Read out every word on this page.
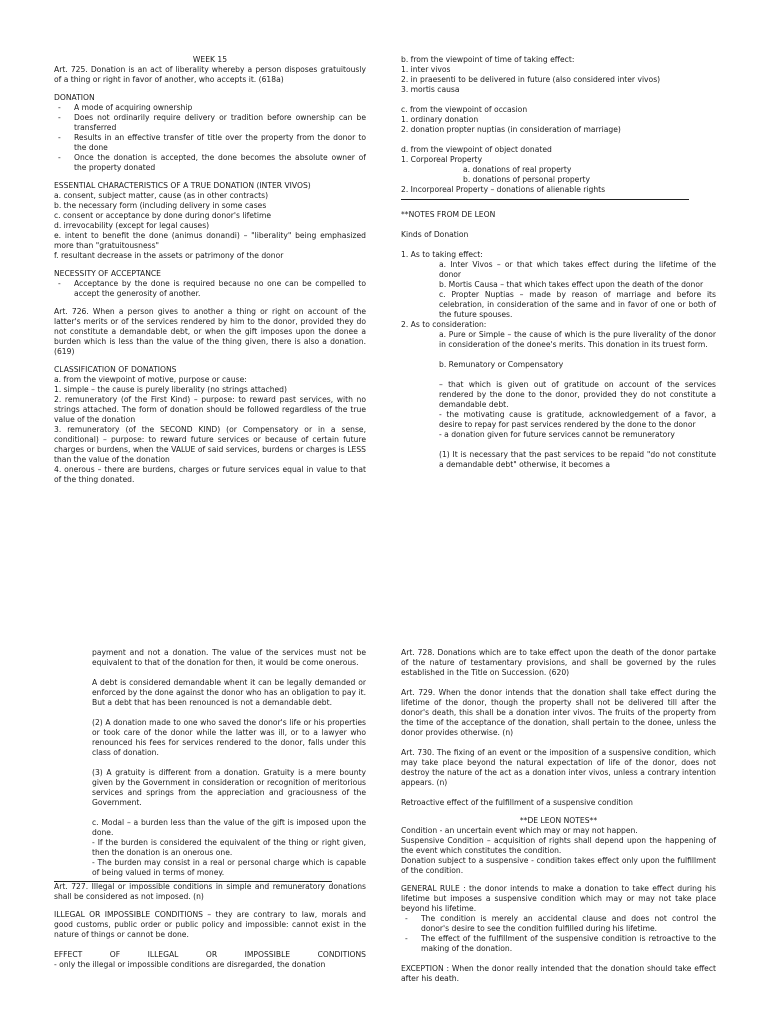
WEEK 15

Art. 725. Donation is an act of liberality whereby a person disposes gratuitously of a thing or right in favor of another, who accepts it. (618a)

DONATION

- A mode of acquiring ownership
- Does not ordinarily require delivery or tradition before ownership can be transferred
- Results in an effective transfer of title over the property from the donor to the done
- Once the donation is accepted, the done becomes the absolute owner of the property donated

ESSENTIAL CHARACTERISTICS OF A TRUE DONATION (INTER VIVOS)

a. consent, subject matter, cause (as in other contracts)

b. the necessary form (including delivery in some cases

c. consent or acceptance by done during donor's lifetime

d. irrevocability (except for legal causes)

e. intent to benefit the done (animus donandi) – "liberality" being emphasized more than "gratuitousness"

f. resultant decrease in the assets or patrimony of the donor

NECESSITY OF ACCEPTANCE

- Acceptance by the done is required because no one can be compelled to accept the generosity of another.

Art. 726. When a person gives to another a thing or right on account of the latter's merits or of the services rendered by him to the donor, provided they do not constitute a demandable debt, or when the gift imposes upon the donee a burden which is less than the value of the thing given, there is also a donation. (619)

CLASSIFICATION OF DONATIONS

a. from the viewpoint of motive, purpose or cause:

1. simple – the cause is purely liberality (no strings attached)

2. remuneratory (of the First Kind) – purpose: to reward past services, with no strings attached. The form of donation should be followed regardless of the true value of the donation

3. remuneratory (of the SECOND KIND) (or Compensatory or in a sense, conditional) – purpose: to reward future services or because of certain future charges or burdens, when the VALUE of said services, burdens or charges is LESS than the value of the donation

4. onerous – there are burdens, charges or future services equal in value to that of the thing donated.

b. from the viewpoint of time of taking effect:

1. inter vivos

2. in praesenti to be delivered in future (also considered inter vivos)

3. mortis causa

c. from the viewpoint of occasion

1. ordinary donation

2. donation propter nuptias (in consideration of marriage)

d. from the viewpoint of object donated

1. Corporeal Property

a. donations of real property

b. donations of personal property

2. Incorporeal Property – donations of alienable rights

**NOTES FROM DE LEON

Kinds of Donation

1. As to taking effect:

a. Inter Vivos – or that which takes effect during the lifetime of the donor

b. Mortis Causa – that which takes effect upon the death of the donor

c. Propter Nuptias – made by reason of marriage and before its celebration, in consideration of the same and in favor of one or both of the future spouses.

2. As to consideration:

a. Pure or Simple – the cause of which is the pure liverality of the donor in consideration of the donee's merits. This donation in its truest form.

b. Remunatory or Compensatory

– that which is given out of gratitude on account of the services rendered by the done to the donor, provided they do not constitute a demandable debt.

- the motivating cause is gratitude, acknowledgement of a favor, a desire to repay for past services rendered by the done to the donor

- a donation given for future services cannot be remuneratory

(1) It is necessary that the past services to be repaid "do not constitute a demandable debt" otherwise, it becomes a

payment and not a donation. The value of the services must not be equivalent to that of the donation for then, it would be come onerous.

A debt is considered demandable whent it can be legally demanded or enforced by the done against the donor who has an obligation to pay it. But a debt that has been renounced is not a demandable debt.

(2) A donation made to one who saved the donor's life or his properties or took care of the donor while the latter was ill, or to a lawyer who renounced his fees for services rendered to the donor, falls under this class of donation.

(3) A gratuity is different from a donation. Gratuity is a mere bounty given by the Government in consideration or recognition of meritorious services and springs from the appreciation and graciousness of the Government.

c. Modal – a burden less than the value of the gift is imposed upon the done.

- If the burden is considered the equivalent of the thing or right given, then the donation is an onerous one.

- The burden may consist in a real or personal charge which is capable of being valued in terms of money.

Art. 727. Illegal or impossible conditions in simple and remuneratory donations shall be considered as not imposed. (n)

ILLEGAL OR IMPOSSIBLE CONDITIONS – they are contrary to law, morals and good customs, public order or public policy and impossible: cannot exist in the nature of things or cannot be done.

EFFECT OF ILLEGAL OR IMPOSSIBLE CONDITIONS

- only the illegal or impossible conditions are disregarded, the donation

Art. 728. Donations which are to take effect upon the death of the donor partake of the nature of testamentary provisions, and shall be governed by the rules established in the Title on Succession. (620)

Art. 729. When the donor intends that the donation shall take effect during the lifetime of the donor, though the property shall not be delivered till after the donor's death, this shall be a donation inter vivos. The fruits of the property from the time of the acceptance of the donation, shall pertain to the donee, unless the donor provides otherwise. (n)

Art. 730. The fixing of an event or the imposition of a suspensive condition, which may take place beyond the natural expectation of life of the donor, does not destroy the nature of the act as a donation inter vivos, unless a contrary intention appears. (n)

Retroactive effect of the fulfillment of a suspensive condition

**DE LEON NOTES**

Condition - an uncertain event which may or may not happen.

Suspensive Condition – acquisition of rights shall depend upon the happening of the event which constitutes the condition.

Donation subject to a suspensive - condition takes effect only upon the fulfillment of the condition.

GENERAL RULE : the donor intends to make a donation to take effect during his lifetime but imposes a suspensive condition which may or may not take place beyond his lifetime.

- The condition is merely an accidental clause and does not control the donor's desire to see the condition fulfilled during his lifetime.
- The effect of the fulfillment of the suspensive condition is retroactive to the making of the donation.

EXCEPTION : When the donor really intended that the donation should take effect after his death.
